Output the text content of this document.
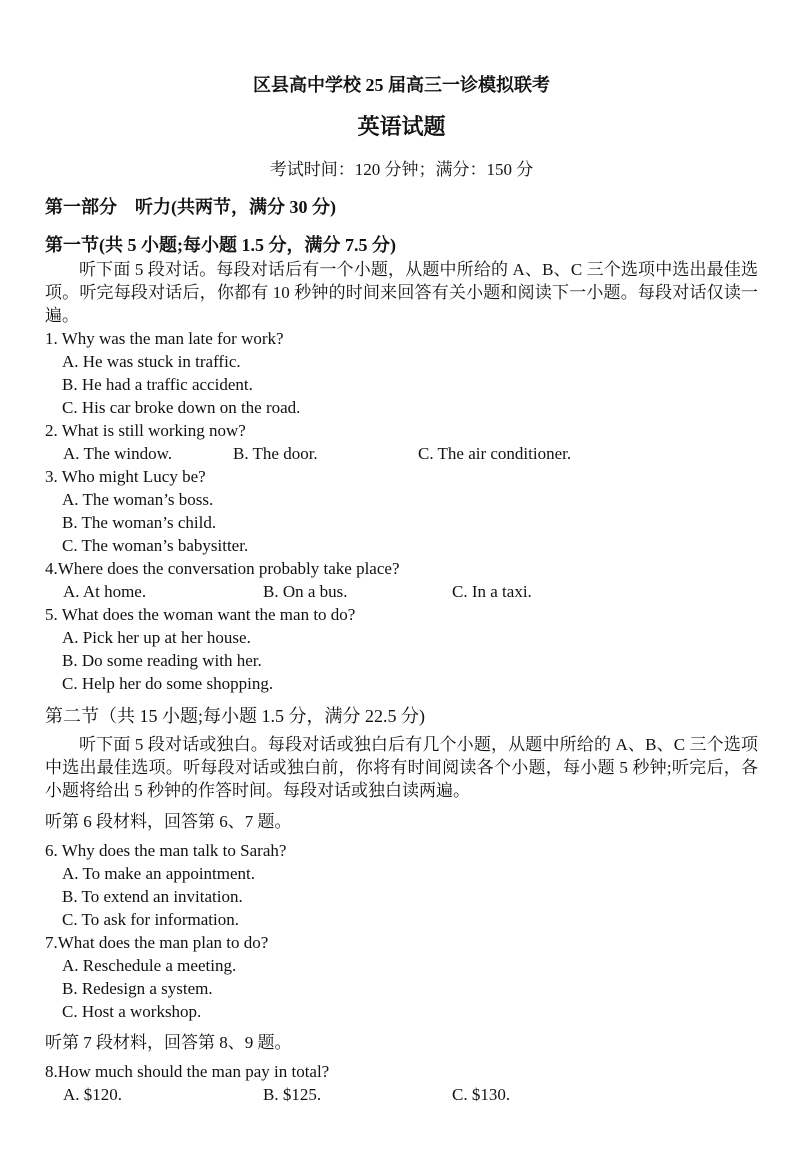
区县高中学校 25 届高三一诊模拟联考
英语试题
考试时间：120 分钟；满分：150 分
第一部分　听力(共两节，满分 30 分)
第一节(共 5 小题;每小题 1.5 分，满分 7.5 分)

听下面 5 段对话。每段对话后有一个小题，从题中所给的 A、B、C 三个选项中选出最佳选项。听完每段对话后，你都有 10 秒钟的时间来回答有关小题和阅读下一小题。每段对话仅读一遍。

1. Why was the man late for work?
A. He was stuck in traffic.
B. He had a traffic accident.
C. His car broke down on the road.
2. What is still working now?
A. The window.	B. The door.	C. The air conditioner.
3. Who might Lucy be?
A. The woman’s boss.
B. The woman’s child.
C. The woman’s babysitter.
4.Where does the conversation probably take place?
A. At home.	B. On a bus.	C. In a taxi.
5. What does the woman want the man to do?
A. Pick her up at her house.
B. Do some reading with her.
C. Help her do some shopping.
第二节（共 15 小题;每小题 1.5 分，满分 22.5 分)

听下面 5 段对话或独白。每段对话或独白后有几个小题，从题中所给的 A、B、C 三个选项中选出最佳选项。听每段对话或独白前，你将有时间阅读各个小题，每小题 5 秒钟;听完后，各小题将给出 5 秒钟的作答时间。每段对话或独白读两遍。

听第 6 段材料，回答第 6、7 题。
6. Why does the man talk to Sarah?
A. To make an appointment.
B. To extend an invitation.
C. To ask for information.
7.What does the man plan to do?
A. Reschedule a meeting.
B. Redesign a system.
C. Host a workshop.
听第 7 段材料，回答第 8、9 题。
8.How much should the man pay in total?
A. $120.	B. $125.	C. $130.
